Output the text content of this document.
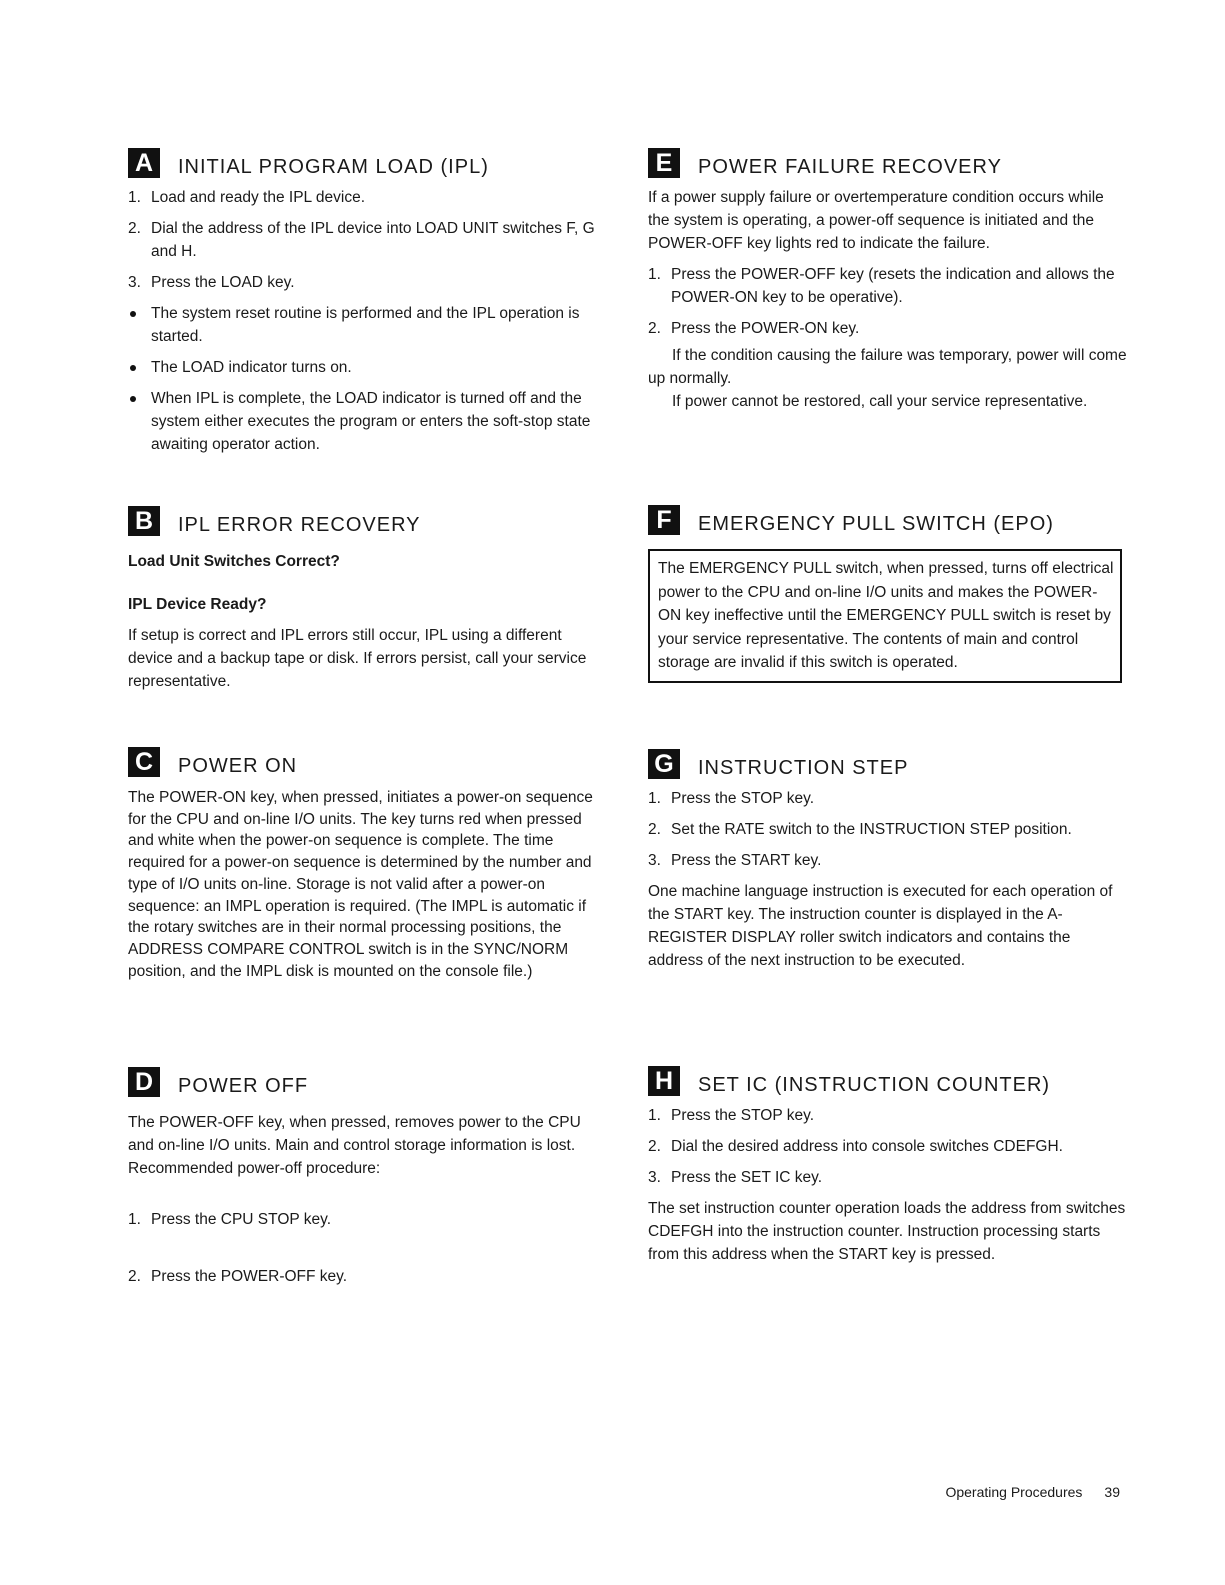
A	INITIAL PROGRAM LOAD (IPL)
1. Load and ready the IPL device.
2. Dial the address of the IPL device into LOAD UNIT switches F, G and H.
3. Press the LOAD key.
The system reset routine is performed and the IPL operation is started.
The LOAD indicator turns on.
When IPL is complete, the LOAD indicator is turned off and the system either executes the program or enters the soft-stop state awaiting operator action.
B	IPL ERROR RECOVERY

Load Unit Switches Correct?

IPL Device Ready?

If setup is correct and IPL errors still occur, IPL using a different device and a backup tape or disk. If errors persist, call your service representative.

C	POWER ON

The POWER-ON key, when pressed, initiates a power-on sequence for the CPU and on-line I/O units. The key turns red when pressed and white when the power-on sequence is complete. The time required for a power-on sequence is determined by the number and type of I/O units on-line. Storage is not valid after a power-on sequence: an IMPL operation is required. (The IMPL is automatic if the rotary switches are in their normal processing positions, the ADDRESS COMPARE CONTROL switch is in the SYNC/NORM position, and the IMPL disk is mounted on the console file.)

D	POWER OFF

The POWER-OFF key, when pressed, removes power to the CPU and on-line I/O units. Main and control storage information is lost. Recommended power-off procedure:

1. Press the CPU STOP key.
2. Press the POWER-OFF key.
E	POWER FAILURE RECOVERY

If a power supply failure or overtemperature condition occurs while the system is operating, a power-off sequence is initiated and the POWER-OFF key lights red to indicate the failure.

1. Press the POWER-OFF key (resets the indication and allows the POWER-ON key to be operative).
2. Press the POWER-ON key.

If the condition causing the failure was temporary, power will come up normally.

If power cannot be restored, call your service representative.

F	EMERGENCY PULL SWITCH (EPO)

The EMERGENCY PULL switch, when pressed, turns off electrical power to the CPU and on-line I/O units and makes the POWER-ON key ineffective until the EMERGENCY PULL switch is reset by your service representative. The contents of main and control storage are invalid if this switch is operated.

G	INSTRUCTION STEP
1. Press the STOP key.
2. Set the RATE switch to the INSTRUCTION STEP position.
3. Press the START key.

One machine language instruction is executed for each operation of the START key. The instruction counter is displayed in the A-REGISTER DISPLAY roller switch indicators and contains the address of the next instruction to be executed.

H	SET IC (INSTRUCTION COUNTER)
1. Press the STOP key.
2. Dial the desired address into console switches CDEFGH.
3. Press the SET IC key.

The set instruction counter operation loads the address from switches CDEFGH into the instruction counter. Instruction processing starts from this address when the START key is pressed.

Operating Procedures 39
